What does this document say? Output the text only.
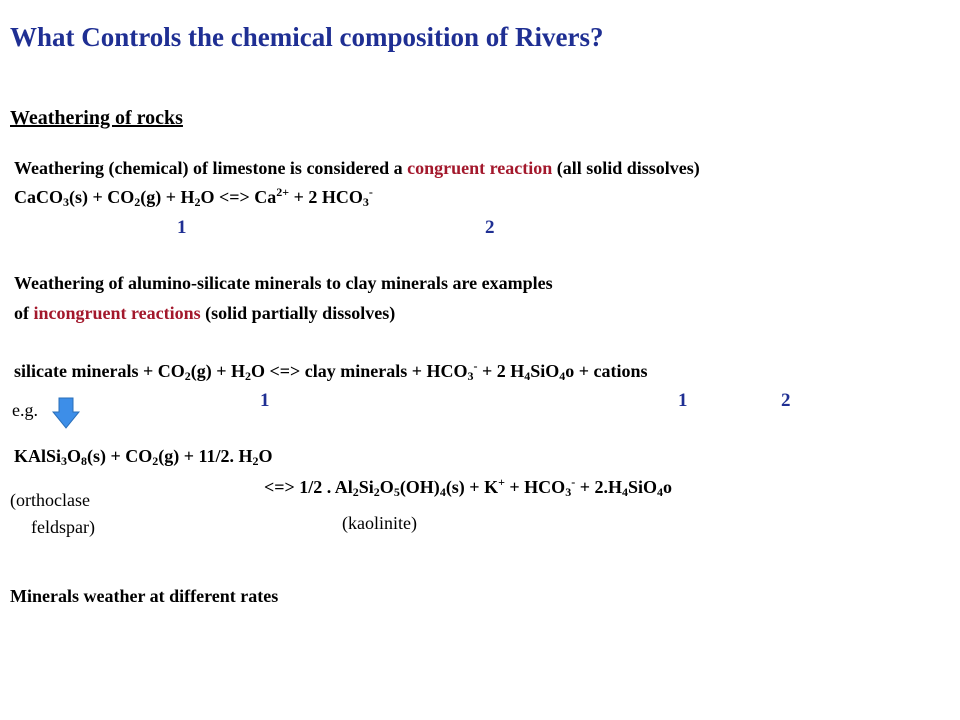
What Controls the chemical composition of Rivers?
Weathering of rocks
Weathering (chemical) of limestone is considered a congruent reaction (all solid dissolves)
CaCO$_3$(s) + $CO_2(g) + H_2O$ <=> $Ca^{2+} + 2$ $HCO_3^-$
1	2
Weathering of alumino-silicate minerals to clay minerals are examples
of incongruent reactions (solid partially dissolves)
silicate minerals + $CO_2(g) + H_2O$ <=> clay minerals + $HCO_3^- + 2$ $H_4SiO_4o$ + cations
1	1	2
e.g.
$KAlSi_3O_8(s) + CO_2(g) + 11/2$. $H_2O$
<=> 1/2 . $Al_2Si_2O_5(OH)_4(s) + K^+ + HCO_3^- + 2.H_4SiO_4o$
(orthoclase
feldspar)	(kaolinite)
Minerals weather at different rates
